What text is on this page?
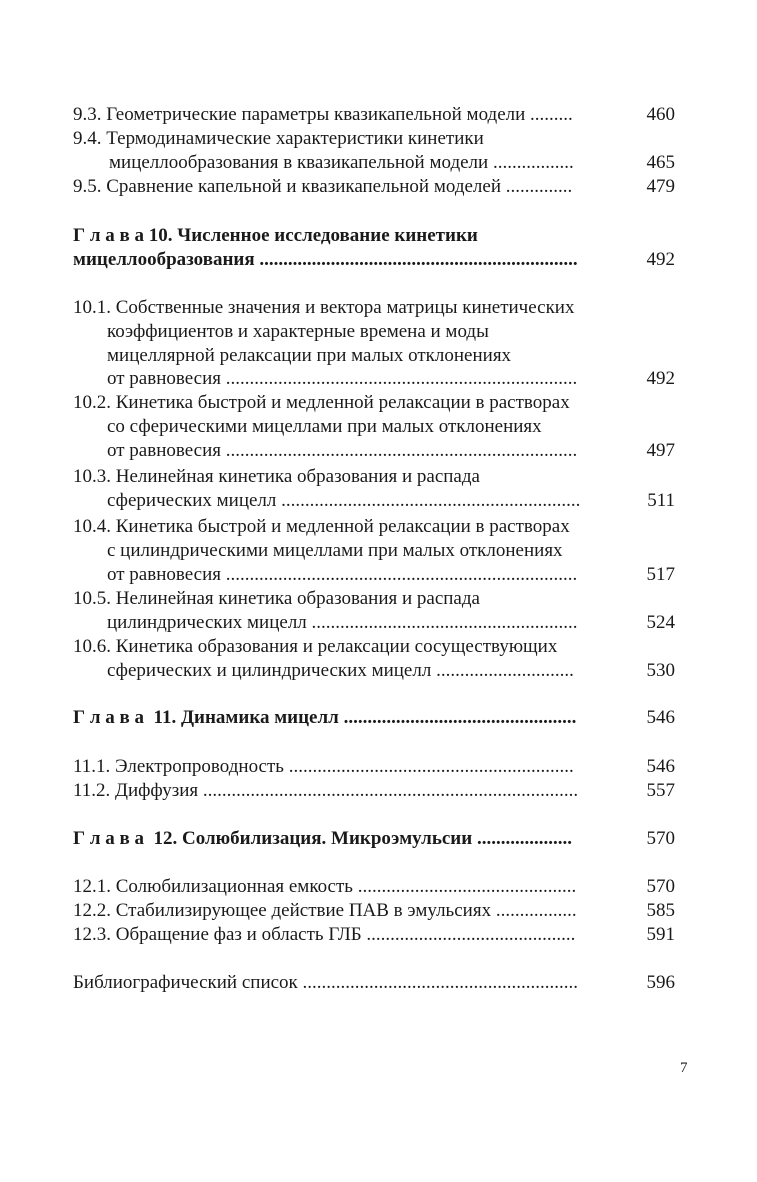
9.3. Геометрические параметры квазикапельной модели .........	460
9.4. Термодинамические характеристики кинетики
мицеллообразования в квазикапельной модели .................	465
9.5. Сравнение капельной и квазикапельной моделей ..............	479
Г л а в а 10. Численное исследование кинетики
мицеллообразования ...................................................................	492
10.1. Собственные значения и вектора матрицы кинетических
коэффициентов и характерные времена и моды
мицеллярной релаксации при малых отклонениях
от равновесия ..........................................................................	492
10.2. Кинетика быстрой и медленной релаксации в растворах
со сферическими мицеллами при малых отклонениях
от равновесия ..........................................................................	497
10.3. Нелинейная кинетика образования и распада
сферических мицелл ...............................................................	511
10.4. Кинетика быстрой и медленной релаксации в растворах
с цилиндрическими мицеллами при малых отклонениях
от равновесия ..........................................................................	517
10.5. Нелинейная кинетика образования и распада
цилиндрических мицелл ........................................................	524
10.6. Кинетика образования и релаксации сосуществующих
сферических и цилиндрических мицелл .............................	530
Г л а в а  11. Динамика мицелл .................................................	546
11.1. Электропроводность ............................................................	546
11.2. Диффузия ...............................................................................	557
Г л а в а  12. Солюбилизация. Микроэмульсии ....................	570
12.1. Солюбилизационная емкость ..............................................	570
12.2. Стабилизирующее действие ПАВ в эмульсиях .................	585
12.3. Обращение фаз и область ГЛБ ............................................	591
Библиографический список ..........................................................	596
7
